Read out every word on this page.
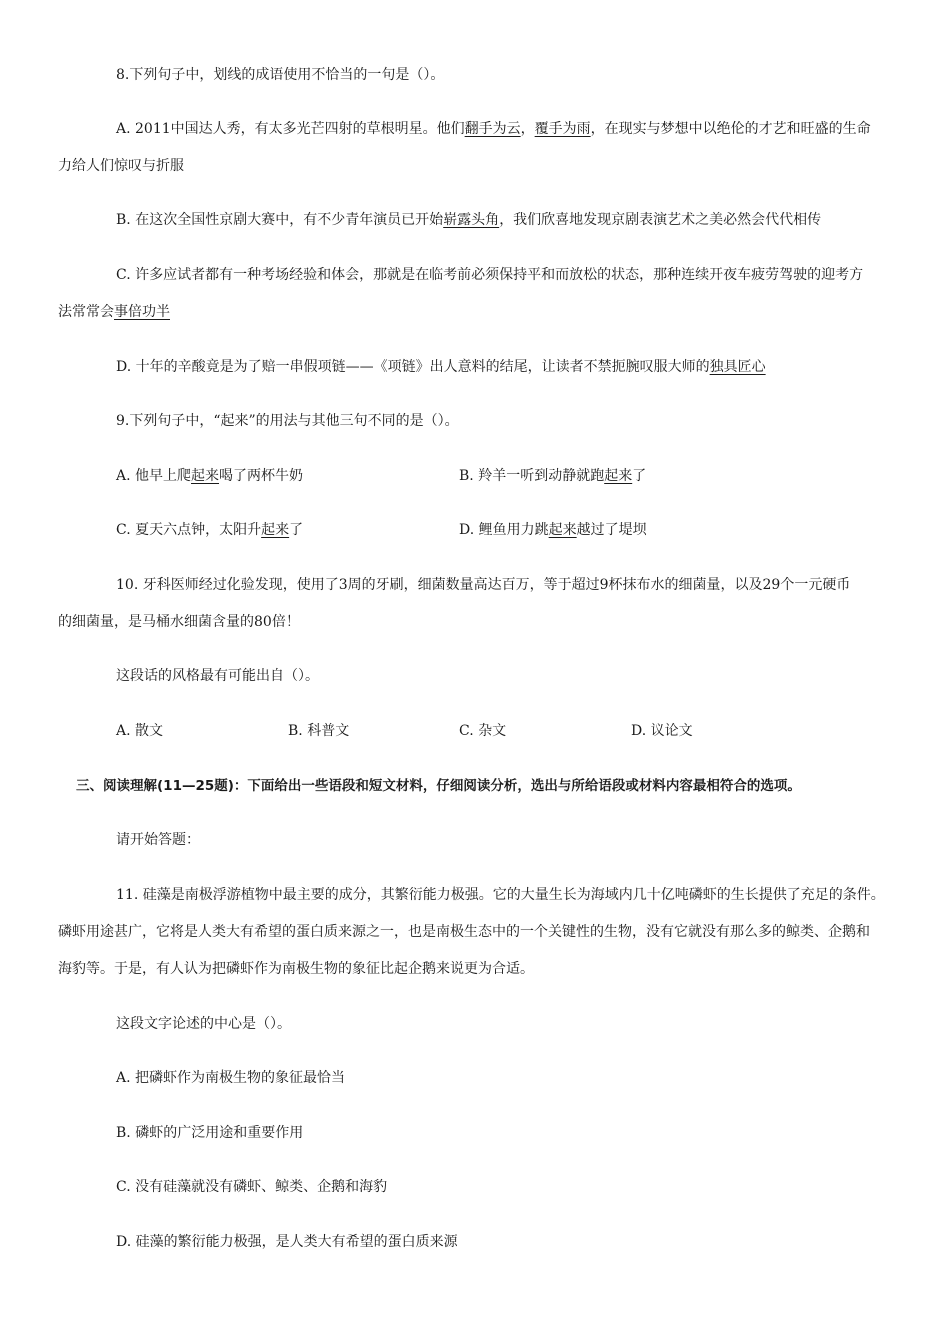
8.下列句子中，划线的成语使用不恰当的一句是（）。
A. 2011中国达人秀，有太多光芒四射的草根明星。他们翻手为云，覆手为雨，在现实与梦想中以绝伦的才艺和旺盛的生命
力给人们惊叹与折服
B. 在这次全国性京剧大赛中，有不少青年演员已开始崭露头角，我们欣喜地发现京剧表演艺术之美必然会代代相传
C. 许多应试者都有一种考场经验和体会，那就是在临考前必须保持平和而放松的状态，那种连续开夜车疲劳驾驶的迎考方
法常常会事倍功半
D. 十年的辛酸竟是为了赔一串假项链——《项链》出人意料的结尾，让读者不禁扼腕叹服大师的独具匠心
9.下列句子中，“起来”的用法与其他三句不同的是（）。
A. 他早上爬起来喝了两杯牛奶	B. 羚羊一听到动静就跑起来了
C. 夏天六点钟，太阳升起来了	D. 鲤鱼用力跳起来越过了堤坝
10. 牙科医师经过化验发现，使用了3周的牙刷，细菌数量高达百万，等于超过9杯抹布水的细菌量，以及29个一元硬币
的细菌量，是马桶水细菌含量的80倍！
这段话的风格最有可能出自（）。
A. 散文	B. 科普文	C. 杂文	D. 议论文
三、阅读理解(11—25题)：下面给出一些语段和短文材料，仔细阅读分析，选出与所给语段或材料内容最相符合的选项。
请开始答题：
11. 硅藻是南极浮游植物中最主要的成分，其繁衍能力极强。它的大量生长为海域内几十亿吨磷虾的生长提供了充足的条件。
磷虾用途甚广，它将是人类大有希望的蛋白质来源之一，也是南极生态中的一个关键性的生物，没有它就没有那么多的鲸类、企鹅和
海豹等。于是，有人认为把磷虾作为南极生物的象征比起企鹅来说更为合适。
这段文字论述的中心是（）。
A. 把磷虾作为南极生物的象征最恰当
B. 磷虾的广泛用途和重要作用
C. 没有硅藻就没有磷虾、鲸类、企鹅和海豹
D. 硅藻的繁衍能力极强，是人类大有希望的蛋白质来源
